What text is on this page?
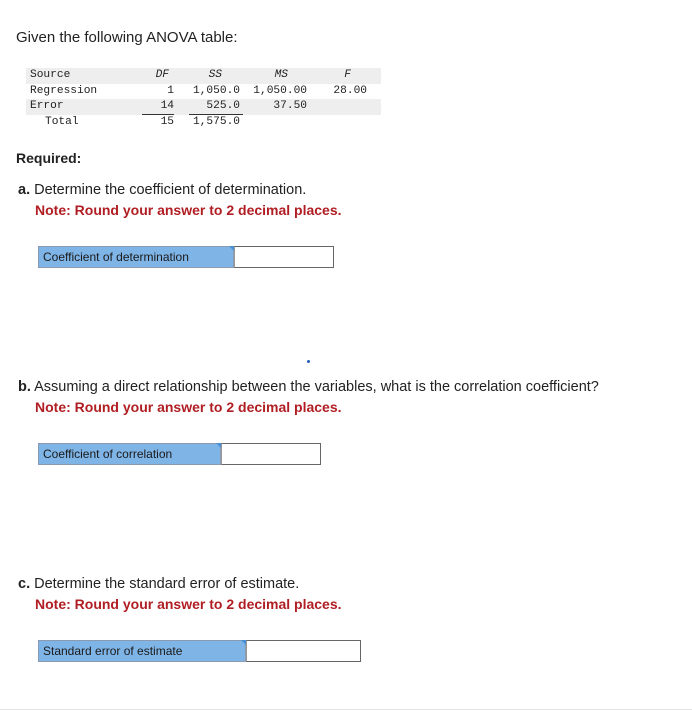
Given the following ANOVA table:
Source	DF	SS	MS	F
Regression	1 1,050.0 1,050.00 28.00
Error	14	525.0	37.50
Total	15 1,575.0
Required:
a. Determine the coefficient of determination.
Note: Round your answer to 2 decimal places.
Coefficient of determination
b. Assuming a direct relationship between the variables, what is the correlation coefficient?
Note: Round your answer to 2 decimal places.
Coefficient of correlation
c. Determine the standard error of estimate.
Note: Round your answer to 2 decimal places.
Standard error of estimate
